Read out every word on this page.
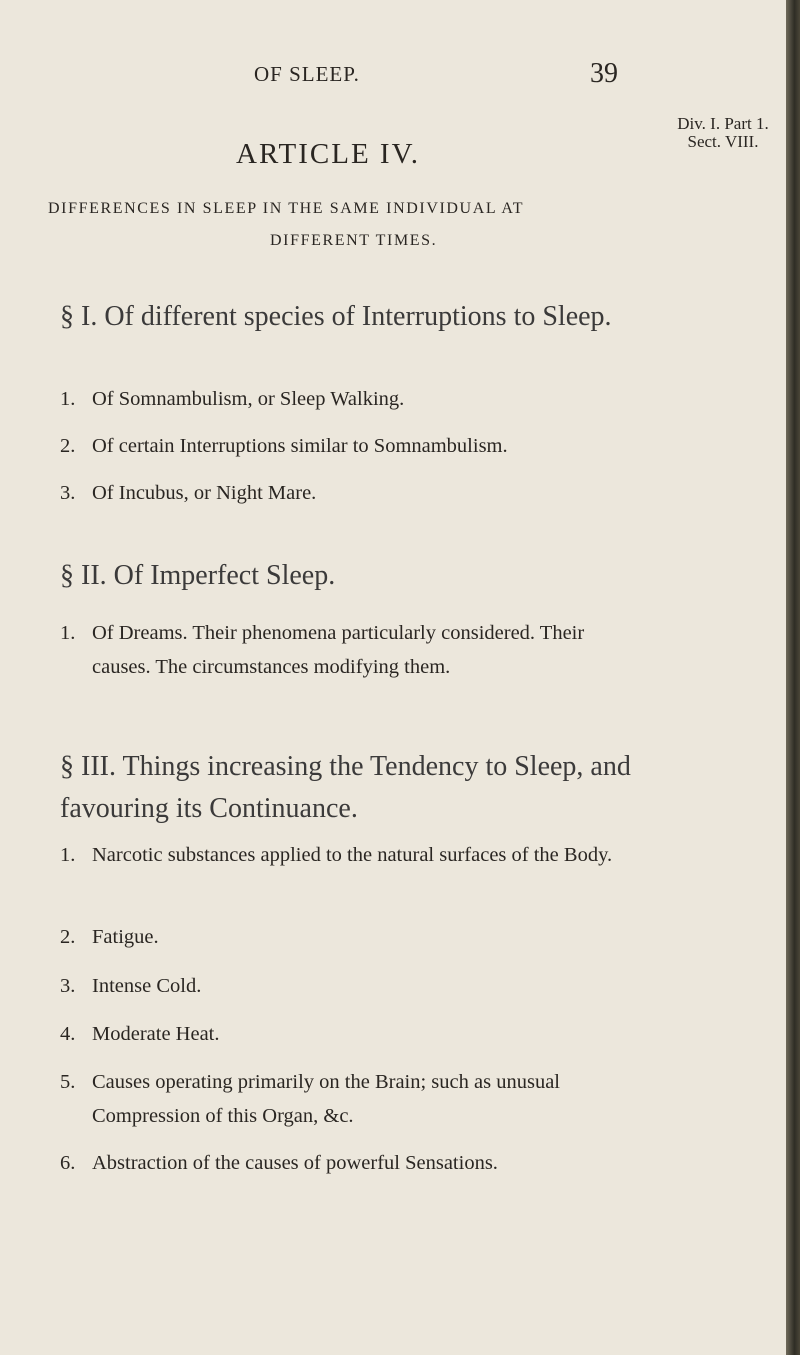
OF SLEEP.	39
Div. I. Part 1.
Sect. VIII.
ARTICLE IV.
DIFFERENCES IN SLEEP IN THE SAME INDIVIDUAL AT
DIFFERENT TIMES.
§ I. Of different species of Interruptions to Sleep.
1. Of Somnambulism, or Sleep Walking.
2. Of certain Interruptions similar to Somnambulism.
3. Of Incubus, or Night Mare.
§ II. Of Imperfect Sleep.
1. Of Dreams. Their phenomena particularly considered. Their causes. The circumstances modifying them.
§ III. Things increasing the Tendency to Sleep, and favouring its Continuance.
1. Narcotic substances applied to the natural surfaces of the Body.
2. Fatigue.
3. Intense Cold.
4. Moderate Heat.
5. Causes operating primarily on the Brain; such as unusual Compression of this Organ, &c.
6. Abstraction of the causes of powerful Sensations.
